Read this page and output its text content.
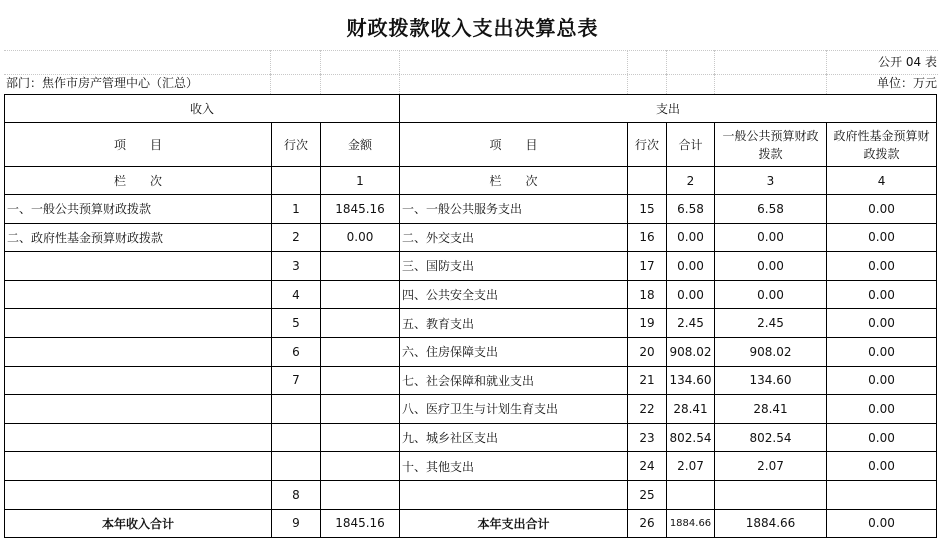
财政拨款收入支出决算总表
公开 04 表
部门：焦作市房产管理中心（汇总）	单位：万元
收入			支出				
项　　目	行次	金额	项　　目	行次	合计	一般公共预算财政拨款	政府性基金预算财政拨款
栏　　次		1	栏　　次		2	3	4
一、一般公共预算财政拨款	1	1845.16	一、一般公共服务支出	15	6.58	6.58	0.00
二、政府性基金预算财政拨款	2	0.00	二、外交支出	16	0.00	0.00	0.00
	3		三、国防支出	17	0.00	0.00	0.00
	4		四、公共安全支出	18	0.00	0.00	0.00
	5		五、教育支出	19	2.45	2.45	0.00
	6		六、住房保障支出	20	908.02	908.02	0.00
	7		七、社会保障和就业支出	21	134.60	134.60	0.00
			八、医疗卫生与计划生育支出	22	28.41	28.41	0.00
			九、城乡社区支出	23	802.54	802.54	0.00
			十、其他支出	24	2.07	2.07	0.00
	8			25			
本年收入合计	9	1845.16	本年支出合计	26	1884.66	1884.66	0.00
